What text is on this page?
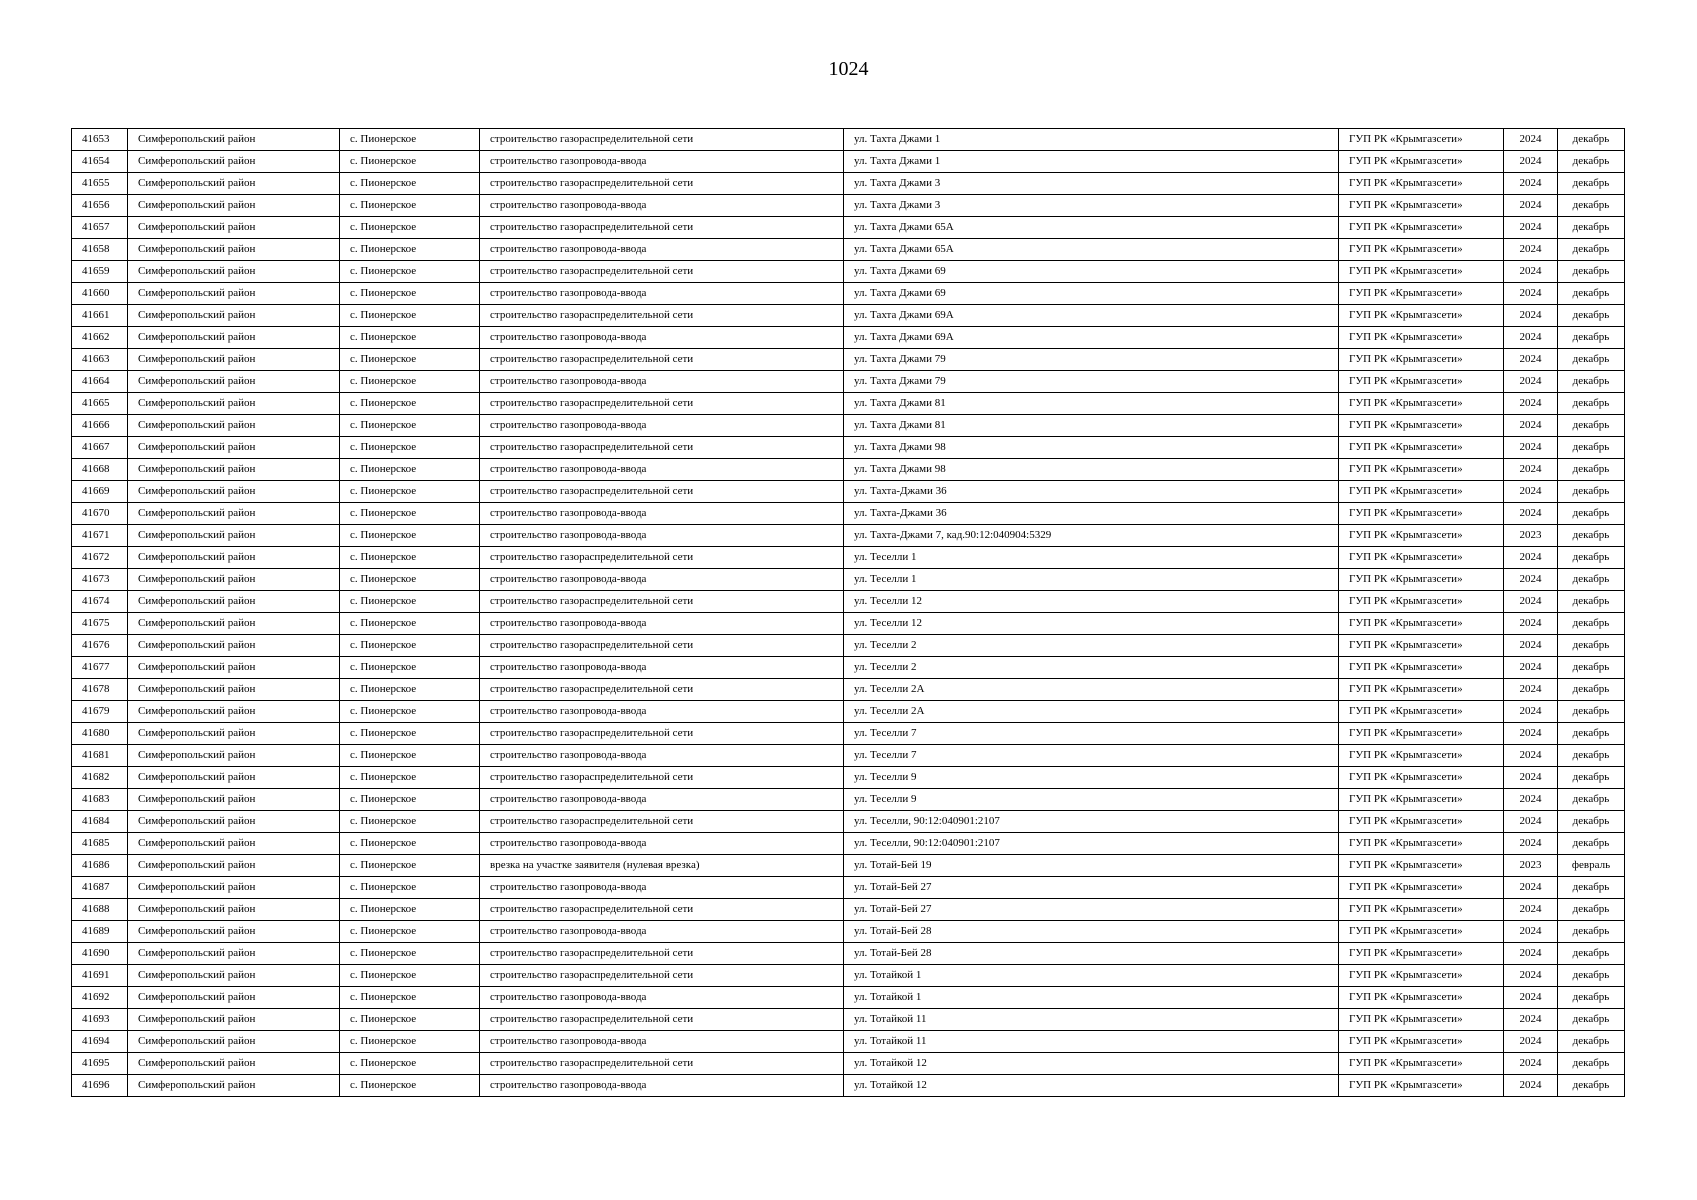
1024
41653	Симферопольский район	с. Пионерское	строительство газораспределительной сети	ул. Тахта Джами 1	ГУП РК «Крымгазсети»	2024	декабрь
41654	Симферопольский район	с. Пионерское	строительство газопровода-ввода	ул. Тахта Джами 1	ГУП РК «Крымгазсети»	2024	декабрь
41655	Симферопольский район	с. Пионерское	строительство газораспределительной сети	ул. Тахта Джами 3	ГУП РК «Крымгазсети»	2024	декабрь
41656	Симферопольский район	с. Пионерское	строительство газопровода-ввода	ул. Тахта Джами 3	ГУП РК «Крымгазсети»	2024	декабрь
41657	Симферопольский район	с. Пионерское	строительство газораспределительной сети	ул. Тахта Джами 65А	ГУП РК «Крымгазсети»	2024	декабрь
41658	Симферопольский район	с. Пионерское	строительство газопровода-ввода	ул. Тахта Джами 65А	ГУП РК «Крымгазсети»	2024	декабрь
41659	Симферопольский район	с. Пионерское	строительство газораспределительной сети	ул. Тахта Джами 69	ГУП РК «Крымгазсети»	2024	декабрь
41660	Симферопольский район	с. Пионерское	строительство газопровода-ввода	ул. Тахта Джами 69	ГУП РК «Крымгазсети»	2024	декабрь
41661	Симферопольский район	с. Пионерское	строительство газораспределительной сети	ул. Тахта Джами 69А	ГУП РК «Крымгазсети»	2024	декабрь
41662	Симферопольский район	с. Пионерское	строительство газопровода-ввода	ул. Тахта Джами 69А	ГУП РК «Крымгазсети»	2024	декабрь
41663	Симферопольский район	с. Пионерское	строительство газораспределительной сети	ул. Тахта Джами 79	ГУП РК «Крымгазсети»	2024	декабрь
41664	Симферопольский район	с. Пионерское	строительство газопровода-ввода	ул. Тахта Джами 79	ГУП РК «Крымгазсети»	2024	декабрь
41665	Симферопольский район	с. Пионерское	строительство газораспределительной сети	ул. Тахта Джами 81	ГУП РК «Крымгазсети»	2024	декабрь
41666	Симферопольский район	с. Пионерское	строительство газопровода-ввода	ул. Тахта Джами 81	ГУП РК «Крымгазсети»	2024	декабрь
41667	Симферопольский район	с. Пионерское	строительство газораспределительной сети	ул. Тахта Джами 98	ГУП РК «Крымгазсети»	2024	декабрь
41668	Симферопольский район	с. Пионерское	строительство газопровода-ввода	ул. Тахта Джами 98	ГУП РК «Крымгазсети»	2024	декабрь
41669	Симферопольский район	с. Пионерское	строительство газораспределительной сети	ул. Тахта-Джами 36	ГУП РК «Крымгазсети»	2024	декабрь
41670	Симферопольский район	с. Пионерское	строительство газопровода-ввода	ул. Тахта-Джами 36	ГУП РК «Крымгазсети»	2024	декабрь
41671	Симферопольский район	с. Пионерское	строительство газопровода-ввода	ул. Тахта-Джами 7, кад.90:12:040904:5329	ГУП РК «Крымгазсети»	2023	декабрь
41672	Симферопольский район	с. Пионерское	строительство газораспределительной сети	ул. Теселли 1	ГУП РК «Крымгазсети»	2024	декабрь
41673	Симферопольский район	с. Пионерское	строительство газопровода-ввода	ул. Теселли 1	ГУП РК «Крымгазсети»	2024	декабрь
41674	Симферопольский район	с. Пионерское	строительство газораспределительной сети	ул. Теселли 12	ГУП РК «Крымгазсети»	2024	декабрь
41675	Симферопольский район	с. Пионерское	строительство газопровода-ввода	ул. Теселли 12	ГУП РК «Крымгазсети»	2024	декабрь
41676	Симферопольский район	с. Пионерское	строительство газораспределительной сети	ул. Теселли 2	ГУП РК «Крымгазсети»	2024	декабрь
41677	Симферопольский район	с. Пионерское	строительство газопровода-ввода	ул. Теселли 2	ГУП РК «Крымгазсети»	2024	декабрь
41678	Симферопольский район	с. Пионерское	строительство газораспределительной сети	ул. Теселли 2А	ГУП РК «Крымгазсети»	2024	декабрь
41679	Симферопольский район	с. Пионерское	строительство газопровода-ввода	ул. Теселли 2А	ГУП РК «Крымгазсети»	2024	декабрь
41680	Симферопольский район	с. Пионерское	строительство газораспределительной сети	ул. Теселли 7	ГУП РК «Крымгазсети»	2024	декабрь
41681	Симферопольский район	с. Пионерское	строительство газопровода-ввода	ул. Теселли 7	ГУП РК «Крымгазсети»	2024	декабрь
41682	Симферопольский район	с. Пионерское	строительство газораспределительной сети	ул. Теселли 9	ГУП РК «Крымгазсети»	2024	декабрь
41683	Симферопольский район	с. Пионерское	строительство газопровода-ввода	ул. Теселли 9	ГУП РК «Крымгазсети»	2024	декабрь
41684	Симферопольский район	с. Пионерское	строительство газораспределительной сети	ул. Теселли, 90:12:040901:2107	ГУП РК «Крымгазсети»	2024	декабрь
41685	Симферопольский район	с. Пионерское	строительство газопровода-ввода	ул. Теселли, 90:12:040901:2107	ГУП РК «Крымгазсети»	2024	декабрь
41686	Симферопольский район	с. Пионерское	врезка на участке заявителя (нулевая врезка)	ул. Тотай-Бей 19	ГУП РК «Крымгазсети»	2023	февраль
41687	Симферопольский район	с. Пионерское	строительство газопровода-ввода	ул. Тотай-Бей 27	ГУП РК «Крымгазсети»	2024	декабрь
41688	Симферопольский район	с. Пионерское	строительство газораспределительной сети	ул. Тотай-Бей 27	ГУП РК «Крымгазсети»	2024	декабрь
41689	Симферопольский район	с. Пионерское	строительство газопровода-ввода	ул. Тотай-Бей 28	ГУП РК «Крымгазсети»	2024	декабрь
41690	Симферопольский район	с. Пионерское	строительство газораспределительной сети	ул. Тотай-Бей 28	ГУП РК «Крымгазсети»	2024	декабрь
41691	Симферопольский район	с. Пионерское	строительство газораспределительной сети	ул. Тотайкой 1	ГУП РК «Крымгазсети»	2024	декабрь
41692	Симферопольский район	с. Пионерское	строительство газопровода-ввода	ул. Тотайкой 1	ГУП РК «Крымгазсети»	2024	декабрь
41693	Симферопольский район	с. Пионерское	строительство газораспределительной сети	ул. Тотайкой 11	ГУП РК «Крымгазсети»	2024	декабрь
41694	Симферопольский район	с. Пионерское	строительство газопровода-ввода	ул. Тотайкой 11	ГУП РК «Крымгазсети»	2024	декабрь
41695	Симферопольский район	с. Пионерское	строительство газораспределительной сети	ул. Тотайкой 12	ГУП РК «Крымгазсети»	2024	декабрь
41696	Симферопольский район	с. Пионерское	строительство газопровода-ввода	ул. Тотайкой 12	ГУП РК «Крымгазсети»	2024	декабрь
